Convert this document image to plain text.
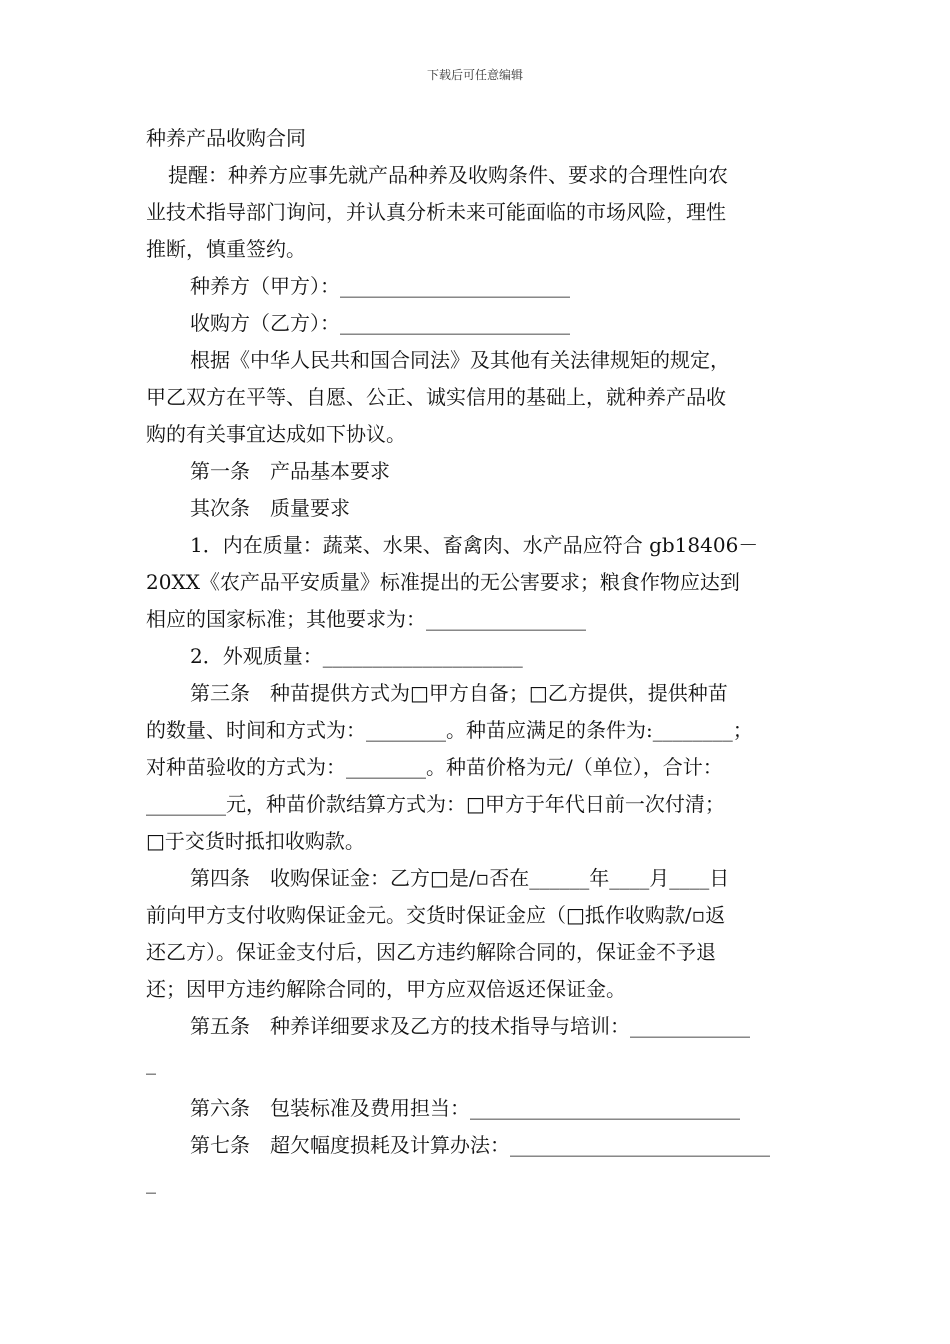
下载后可任意编辑
种养产品收购合同
提醒：种养方应事先就产品种养及收购条件、要求的合理性向农
业技术指导部门询问，并认真分析未来可能面临的市场风险，理性
推断，慎重签约。
种养方（甲方）：_______________________
收购方（乙方）：_______________________
根据《中华人民共和国合同法》及其他有关法律规矩的规定，
甲乙双方在平等、自愿、公正、诚实信用的基础上，就种养产品收
购的有关事宜达成如下协议。
第一条　产品基本要求
其次条　质量要求
1．内在质量：蔬菜、水果、畜禽肉、水产品应符合 gb18406－
20XX《农产品平安质量》标准提出的无公害要求；粮食作物应达到
相应的国家标准；其他要求为：________________
2．外观质量：____________________
第三条　种苗提供方式为□甲方自备；□乙方提供，提供种苗
的数量、时间和方式为：________。种苗应满足的条件为:________；
对种苗验收的方式为：________。种苗价格为元/（单位），合计：
________元，种苗价款结算方式为：□甲方于年代日前一次付清；
□于交货时抵扣收购款。
第四条　收购保证金：乙方□是/▫否在______年____月____日
前向甲方支付收购保证金元。交货时保证金应（□抵作收购款/▫返
还乙方）。保证金支付后，因乙方违约解除合同的，保证金不予退
还；因甲方违约解除合同的，甲方应双倍返还保证金。
第五条　种养详细要求及乙方的技术指导与培训：____________
_
第六条　包装标准及费用担当：___________________________
第七条　超欠幅度损耗及计算办法：__________________________
_
